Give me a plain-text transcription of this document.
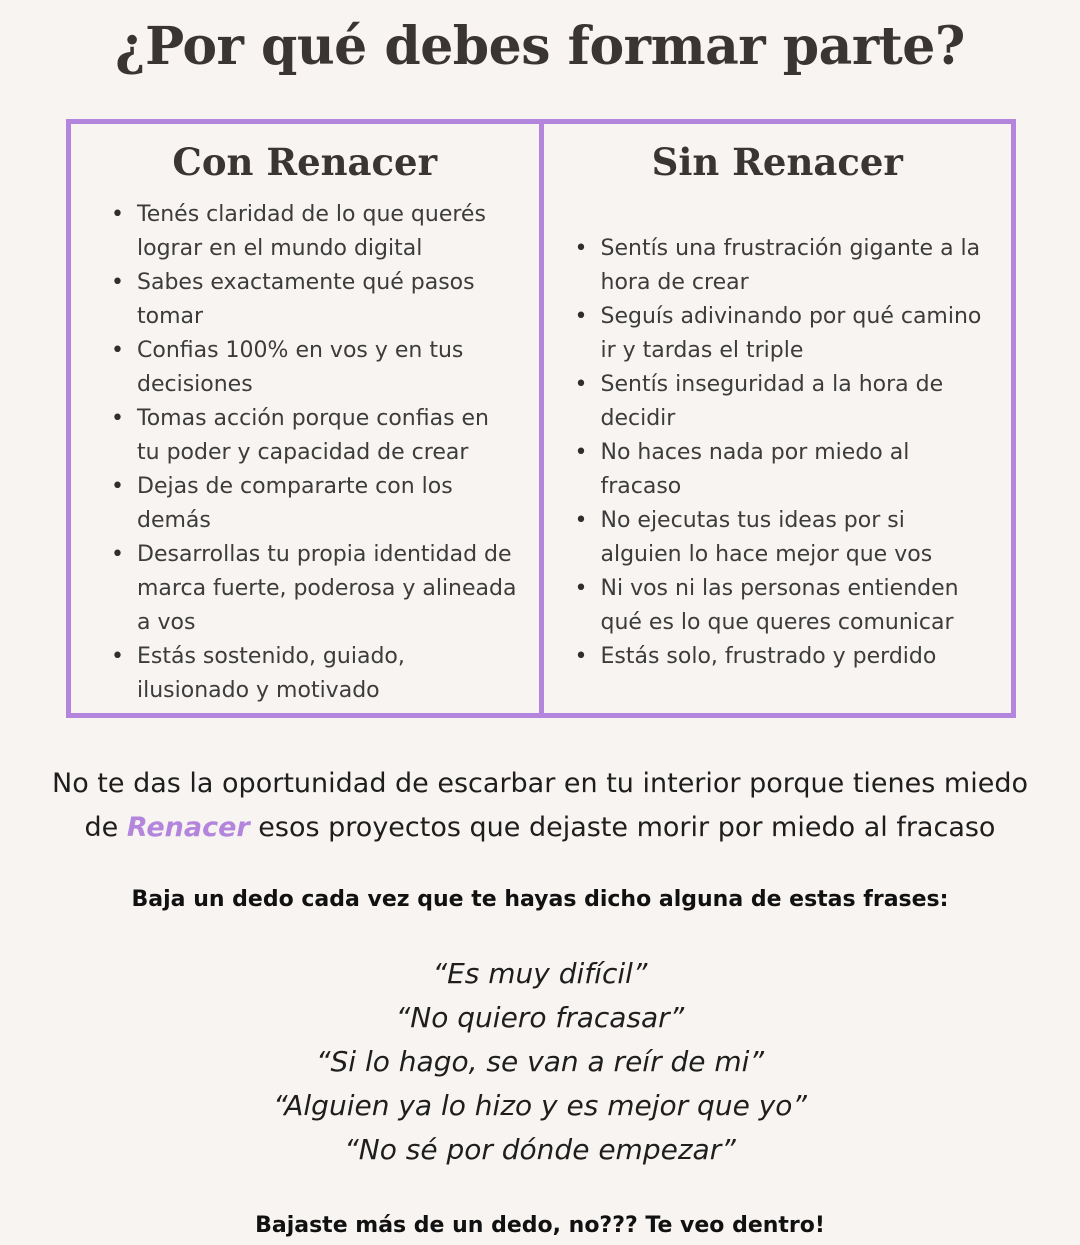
¿Por qué debes formar parte?
Con Renacer
• Tenés claridad de lo que querés
lograr en el mundo digital
• Sabes exactamente qué pasos
tomar
• Confias 100% en vos y en tus
decisiones
• Tomas acción porque confias en
tu poder y capacidad de crear
• Dejas de compararte con los
demás
• Desarrollas tu propia identidad de
marca fuerte, poderosa y alineada
a vos
• Estás sostenido, guiado,
ilusionado y motivado
Sin Renacer
• Sentís una frustración gigante a la
hora de crear
• Seguís adivinando por qué camino
ir y tardas el triple
• Sentís inseguridad a la hora de
decidir
• No haces nada por miedo al
fracaso
• No ejecutas tus ideas por si
alguien lo hace mejor que vos
• Ni vos ni las personas entienden
qué es lo que queres comunicar
• Estás solo, frustrado y perdido

No te das la oportunidad de escarbar en tu interior porque tienes miedo
de Renacer esos proyectos que dejaste morir por miedo al fracaso

Baja un dedo cada vez que te hayas dicho alguna de estas frases:

“Es muy difícil”
“No quiero fracasar”
“Si lo hago, se van a reír de mi”
“Alguien ya lo hizo y es mejor que yo”
“No sé por dónde empezar”

Bajaste más de un dedo, no??? Te veo dentro!
